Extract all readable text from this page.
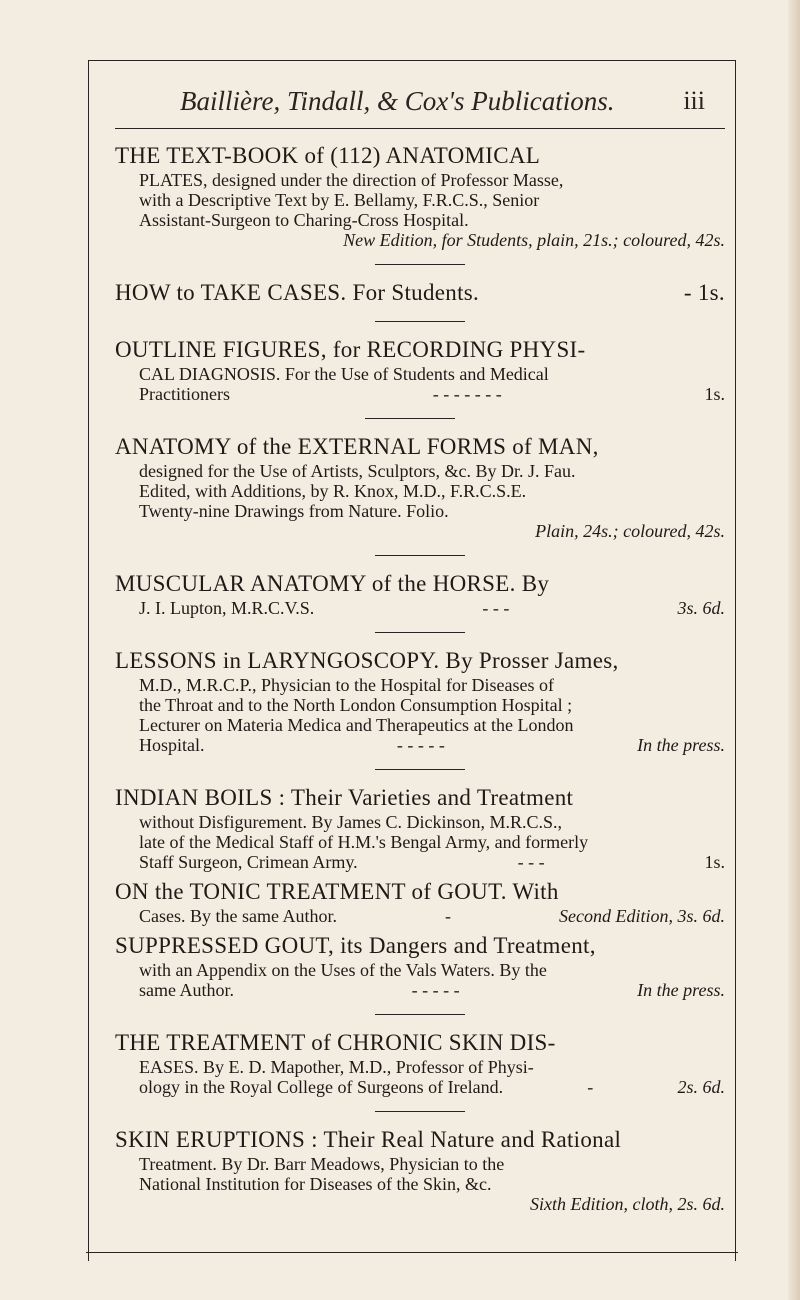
Baillière, Tindall, & Cox's Publications.	iii
THE TEXT-BOOK of (112) ANATOMICAL
PLATES, designed under the direction of Professor Masse,
with a Descriptive Text by E. Bellamy, F.R.C.S., Senior
Assistant-Surgeon to Charing-Cross Hospital.
New Edition, for Students, plain, 21s.; coloured, 42s.
HOW to TAKE CASES. For Students.	- 1s.
OUTLINE FIGURES, for RECORDING PHYSI-
CAL DIAGNOSIS. For the Use of Students and Medical
Practitioners	- - - - - - -	1s.
ANATOMY of the EXTERNAL FORMS of MAN,
designed for the Use of Artists, Sculptors, &c. By Dr. J. Fau.
Edited, with Additions, by R. Knox, M.D., F.R.C.S.E.
Twenty-nine Drawings from Nature. Folio.
Plain, 24s.; coloured, 42s.
MUSCULAR ANATOMY of the HORSE. By
J. I. Lupton, M.R.C.V.S.	- - -	3s. 6d.
LESSONS in LARYNGOSCOPY. By Prosser James,
M.D., M.R.C.P., Physician to the Hospital for Diseases of
the Throat and to the North London Consumption Hospital ;
Lecturer on Materia Medica and Therapeutics at the London
Hospital.	- - - - -	In the press.
INDIAN BOILS : Their Varieties and Treatment
without Disfigurement. By James C. Dickinson, M.R.C.S.,
late of the Medical Staff of H.M.'s Bengal Army, and formerly
Staff Surgeon, Crimean Army.	- - -	1s.
ON the TONIC TREATMENT of GOUT. With
Cases. By the same Author.	-	Second Edition, 3s. 6d.
SUPPRESSED GOUT, its Dangers and Treatment,
with an Appendix on the Uses of the Vals Waters. By the
same Author.	- - - - -	In the press.
THE TREATMENT of CHRONIC SKIN DIS-
EASES. By E. D. Mapother, M.D., Professor of Physi-
ology in the Royal College of Surgeons of Ireland.	-	2s. 6d.
SKIN ERUPTIONS : Their Real Nature and Rational
Treatment. By Dr. Barr Meadows, Physician to the
National Institution for Diseases of the Skin, &c.
Sixth Edition, cloth, 2s. 6d.
